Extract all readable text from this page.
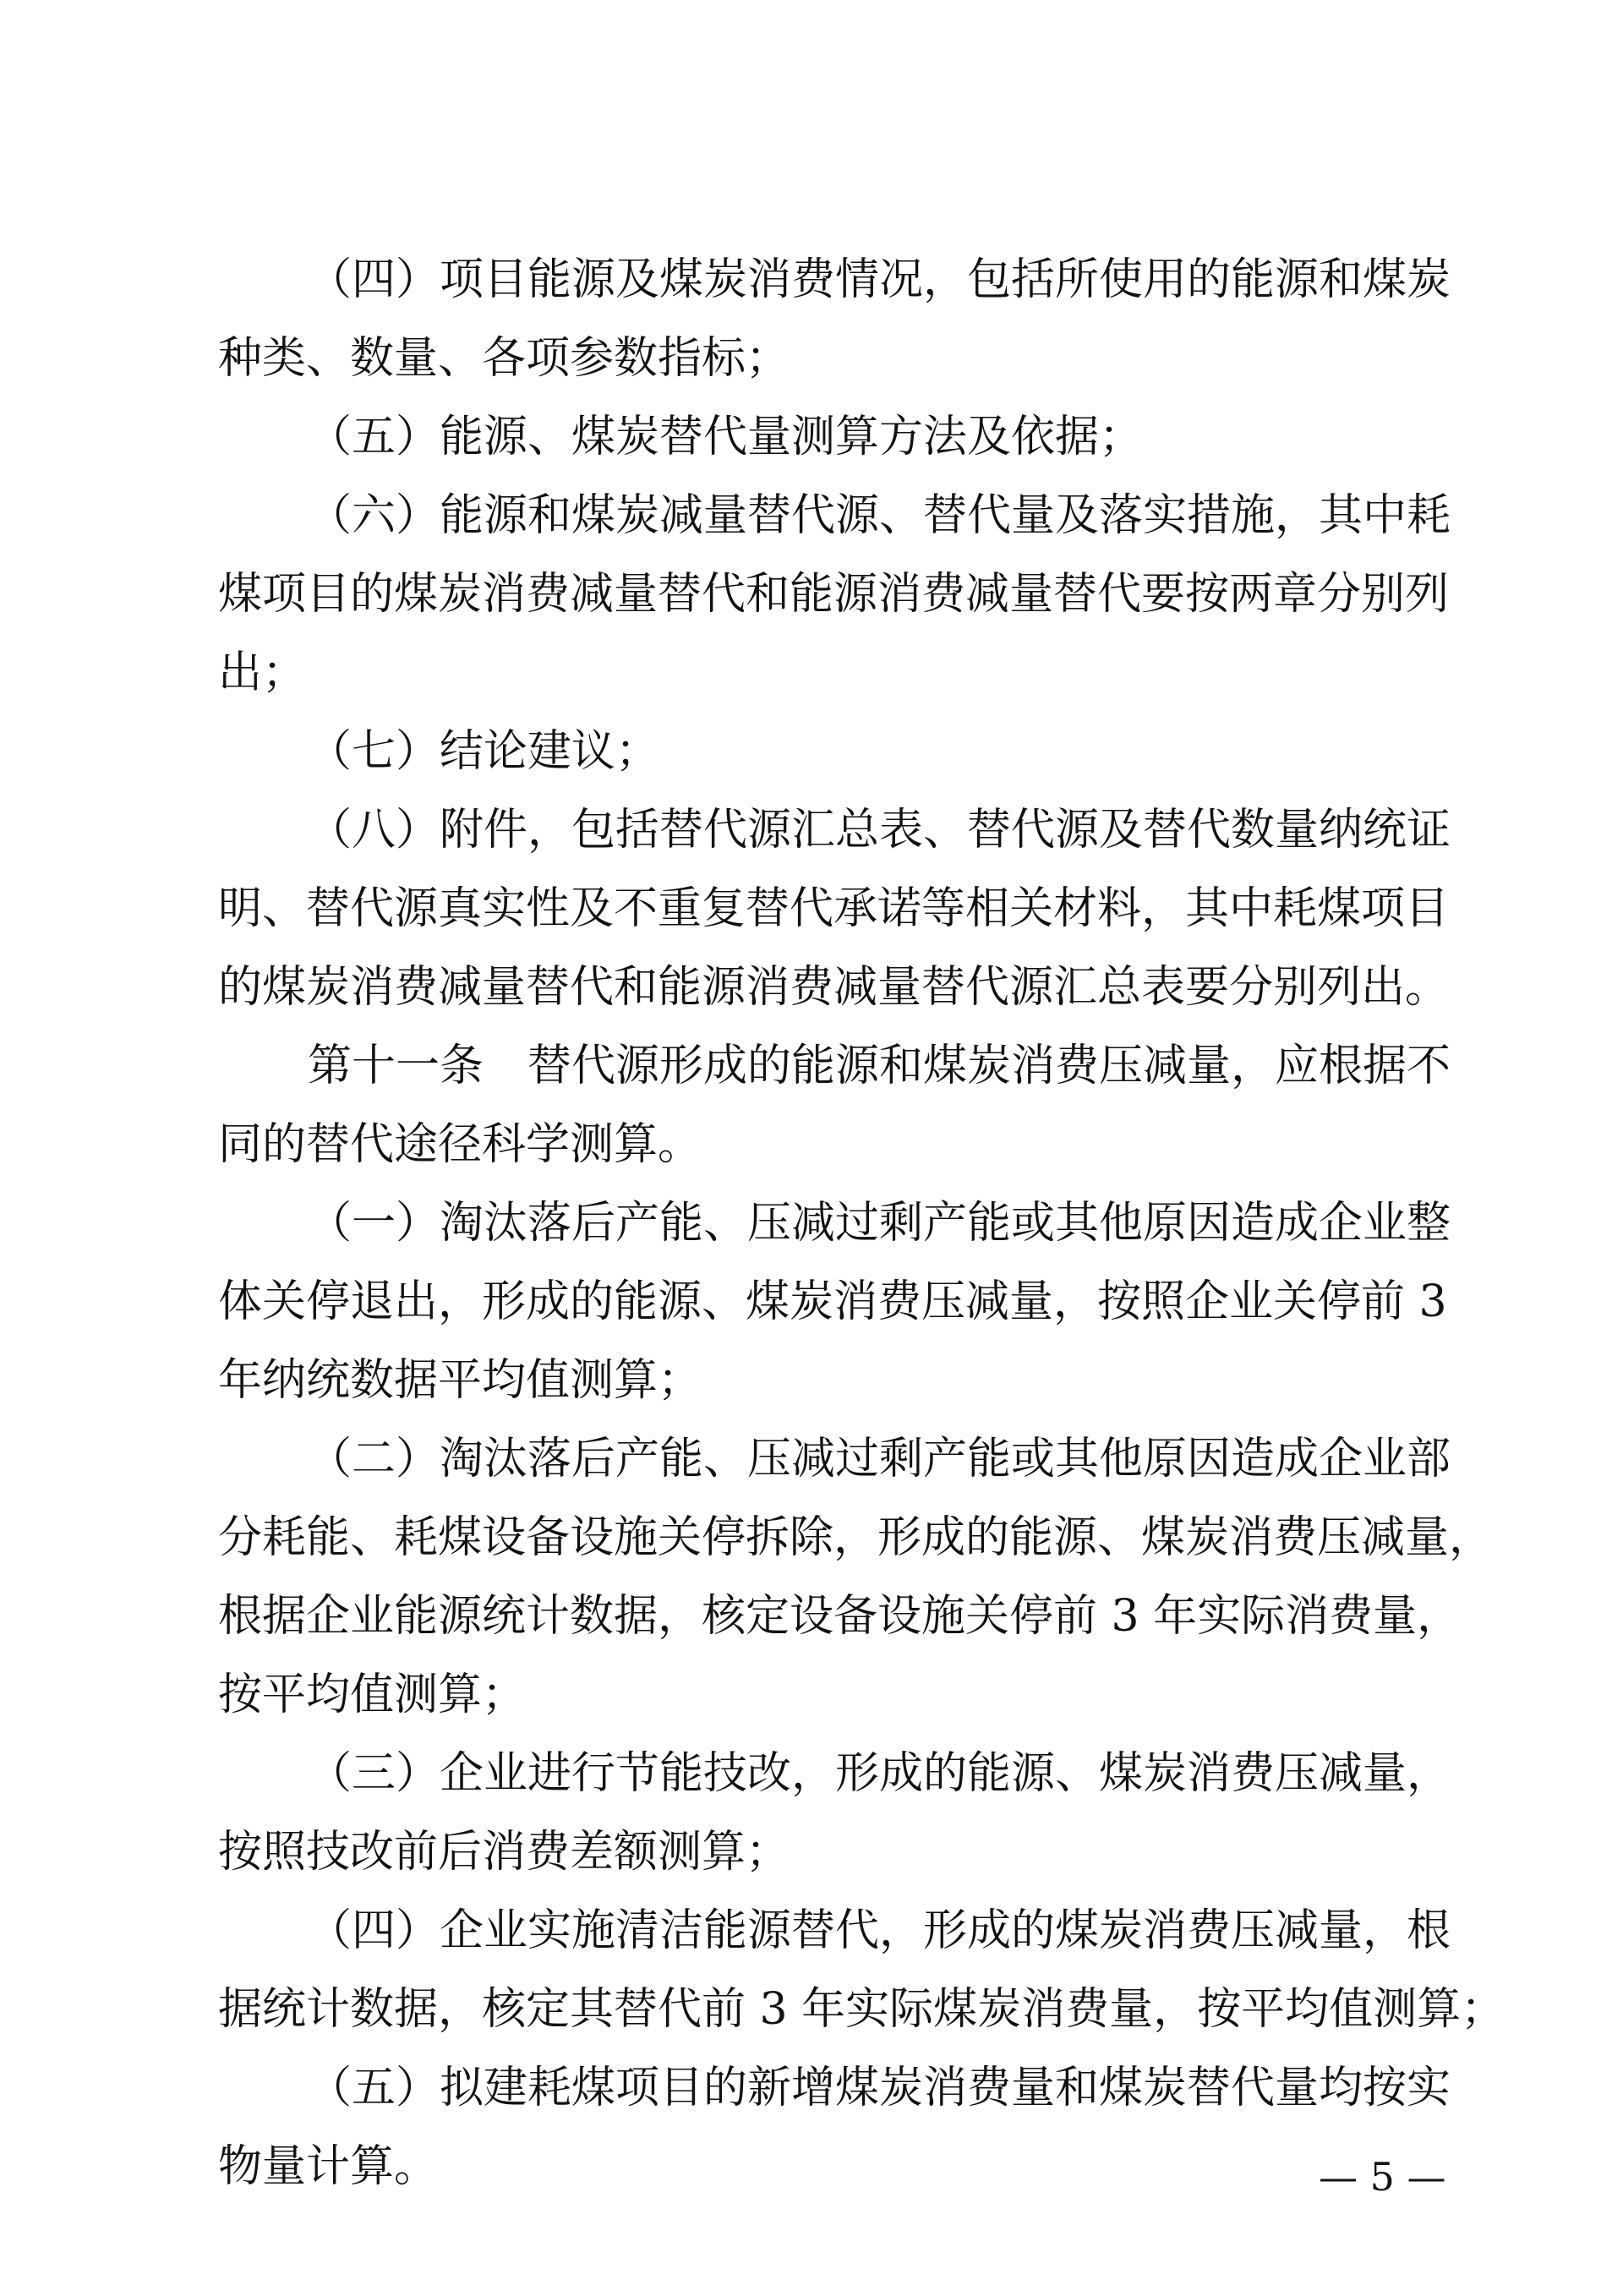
（四）项目能源及煤炭消费情况，包括所使用的能源和煤炭
种类、数量、各项参数指标；
（五）能源、煤炭替代量测算方法及依据；
（六）能源和煤炭减量替代源、替代量及落实措施，其中耗
煤项目的煤炭消费减量替代和能源消费减量替代要按两章分别列
出；
（七）结论建议；
（八）附件，包括替代源汇总表、替代源及替代数量纳统证
明、替代源真实性及不重复替代承诺等相关材料，其中耗煤项目
的煤炭消费减量替代和能源消费减量替代源汇总表要分别列出。
第十一条　替代源形成的能源和煤炭消费压减量，应根据不
同的替代途径科学测算。
（一）淘汰落后产能、压减过剩产能或其他原因造成企业整
体关停退出，形成的能源、煤炭消费压减量，按照企业关停前 3
年纳统数据平均值测算；
（二）淘汰落后产能、压减过剩产能或其他原因造成企业部
分耗能、耗煤设备设施关停拆除，形成的能源、煤炭消费压减量，
根据企业能源统计数据，核定设备设施关停前 3 年实际消费量，
按平均值测算；
（三）企业进行节能技改，形成的能源、煤炭消费压减量，
按照技改前后消费差额测算；
（四）企业实施清洁能源替代，形成的煤炭消费压减量，根
据统计数据，核定其替代前 3 年实际煤炭消费量，按平均值测算；
（五）拟建耗煤项目的新增煤炭消费量和煤炭替代量均按实
物量计算。	— 5 —
